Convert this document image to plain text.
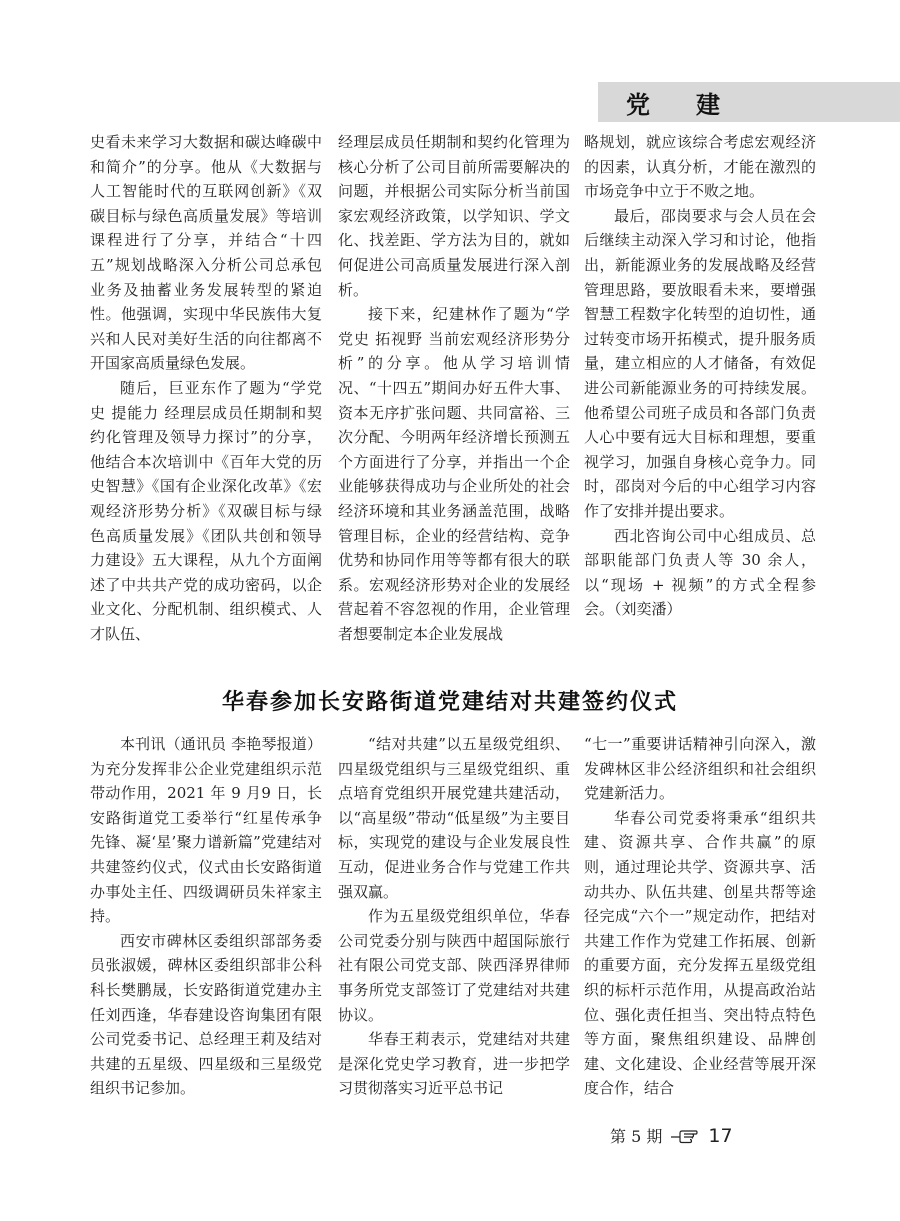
党建

史看未来学习大数据和碳达峰碳中和简介”的分享。他从《大数据与人工智能时代的互联网创新》《双碳目标与绿色高质量发展》等培训课程进行了分享，并结合“十四五”规划战略深入分析公司总承包业务及抽蓄业务发展转型的紧迫性。他强调，实现中华民族伟大复兴和人民对美好生活的向往都离不开国家高质量绿色发展。

随后，巨亚东作了题为“学党史 提能力 经理层成员任期制和契约化管理及领导力探讨”的分享，他结合本次培训中《百年大党的历史智慧》《国有企业深化改革》《宏观经济形势分析》《双碳目标与绿色高质量发展》《团队共创和领导力建设》五大课程，从九个方面阐述了中共共产党的成功密码，以企业文化、分配机制、组织模式、人才队伍、

经理层成员任期制和契约化管理为核心分析了公司目前所需要解决的问题，并根据公司实际分析当前国家宏观经济政策，以学知识、学文化、找差距、学方法为目的，就如何促进公司高质量发展进行深入剖析。

接下来，纪建林作了题为“学党史 拓视野 当前宏观经济形势分析”的分享。他从学习培训情况、“十四五”期间办好五件大事、资本无序扩张问题、共同富裕、三次分配、今明两年经济增长预测五个方面进行了分享，并指出一个企业能够获得成功与企业所处的社会经济环境和其业务涵盖范围，战略管理目标，企业的经营结构、竞争优势和协同作用等等都有很大的联系。宏观经济形势对企业的发展经营起着不容忽视的作用，企业管理者想要制定本企业发展战

略规划，就应该综合考虑宏观经济的因素，认真分析，才能在激烈的市场竞争中立于不败之地。

最后，邵岗要求与会人员在会后继续主动深入学习和讨论，他指出，新能源业务的发展战略及经营管理思路，要放眼看未来，要增强智慧工程数字化转型的迫切性，通过转变市场开拓模式，提升服务质量，建立相应的人才储备，有效促进公司新能源业务的可持续发展。他希望公司班子成员和各部门负责人心中要有远大目标和理想，要重视学习，加强自身核心竞争力。同时，邵岗对今后的中心组学习内容作了安排并提出要求。

西北咨询公司中心组成员、总部职能部门负责人等 30 余人，以“现场 + 视频”的方式全程参会。（刘奕潘）

华春参加长安路街道党建结对共建签约仪式

本刊讯（通讯员 李艳琴报道）为充分发挥非公企业党建组织示范带动作用，2021 年 9 月9 日，长安路街道党工委举行“红星传承争先锋、凝‘星’聚力谱新篇”党建结对共建签约仪式，仪式由长安路街道办事处主任、四级调研员朱祥家主持。

西安市碑林区委组织部部务委员张淑媛，碑林区委组织部非公科科长樊鹏晟，长安路街道党建办主任刘西逢，华春建设咨询集团有限公司党委书记、总经理王莉及结对共建的五星级、四星级和三星级党组织书记参加。

“结对共建”以五星级党组织、四星级党组织与三星级党组织、重点培育党组织开展党建共建活动，以“高星级”带动“低星级”为主要目标，实现党的建设与企业发展良性互动，促进业务合作与党建工作共强双赢。

作为五星级党组织单位，华春公司党委分别与陕西中超国际旅行社有限公司党支部、陕西泽界律师事务所党支部签订了党建结对共建协议。

华春王莉表示，党建结对共建是深化党史学习教育，进一步把学习贯彻落实习近平总书记

“七一”重要讲话精神引向深入，激发碑林区非公经济组织和社会组织党建新活力。

华春公司党委将秉承“组织共建、资源共享、合作共赢”的原则，通过理论共学、资源共享、活动共办、队伍共建、创星共帮等途径完成“六个一”规定动作，把结对共建工作作为党建工作拓展、创新的重要方面，充分发挥五星级党组织的标杆示范作用，从提高政治站位、强化责任担当、突出特点特色等方面，聚焦组织建设、品牌创建、文化建设、企业经营等展开深度合作，结合

第 5 期 17
